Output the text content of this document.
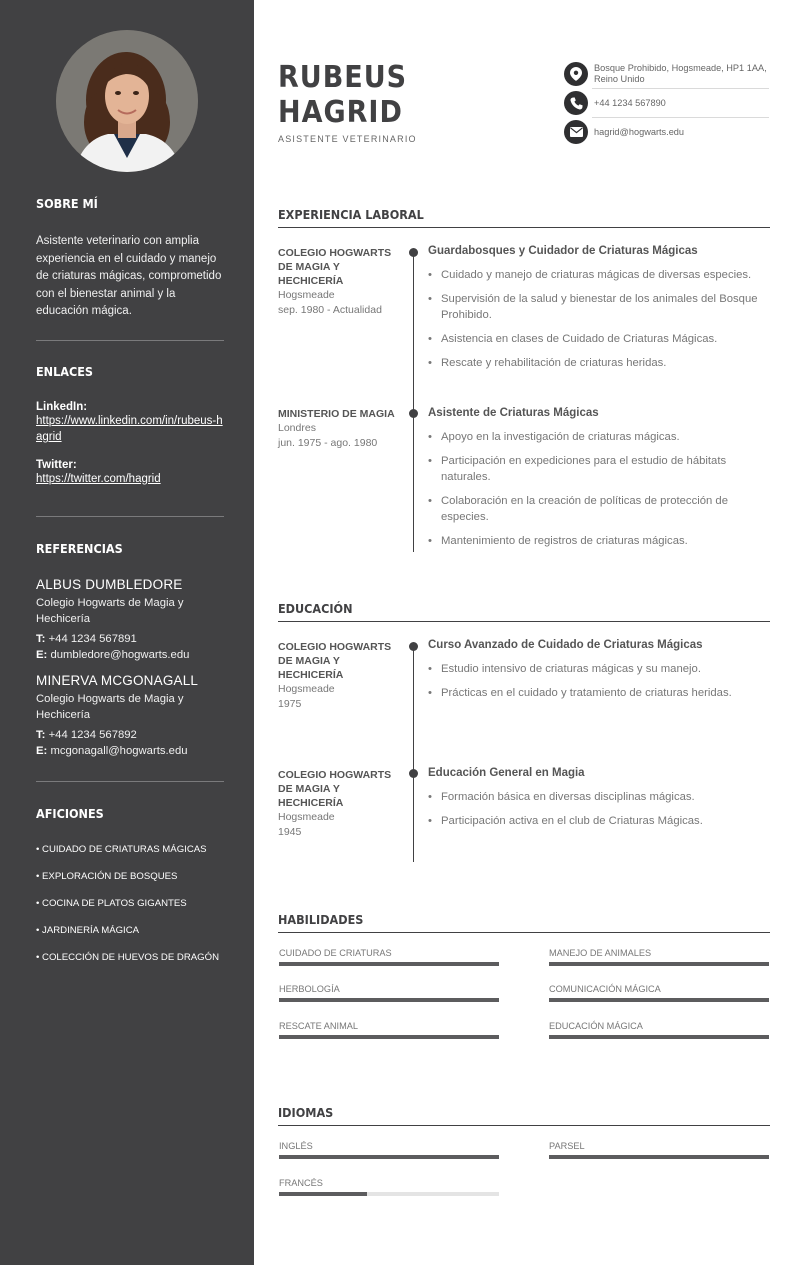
SOBRE MÍ
Asistente veterinario con amplia experiencia en el cuidado y manejo de criaturas mágicas, comprometido con el bienestar animal y la educación mágica.
ENLACES
LinkedIn:
https://www.linkedin.com/in/rubeus-hagrid
Twitter:
https://twitter.com/hagrid
REFERENCIAS
ALBUS DUMBLEDORE
Colegio Hogwarts de Magia y Hechicería
T: +44 1234 567891
E: dumbledore@hogwarts.edu
MINERVA MCGONAGALL
Colegio Hogwarts de Magia y Hechicería
T: +44 1234 567892
E: mcgonagall@hogwarts.edu
AFICIONES
• CUIDADO DE CRIATURAS MÁGICAS
• EXPLORACIÓN DE BOSQUES
• COCINA DE PLATOS GIGANTES
• JARDINERÍA MÁGICA
• COLECCIÓN DE HUEVOS DE DRAGÓN
RUBEUS
HAGRID
ASISTENTE VETERINARIO
Bosque Prohibido, Hogsmeade, HP1 1AA, Reino Unido
+44 1234 567890
hagrid@hogwarts.edu
EXPERIENCIA LABORAL
COLEGIO HOGWARTS DE MAGIA Y HECHICERÍA
Hogsmeade
sep. 1980 - Actualidad
Guardabosques y Cuidador de Criaturas Mágicas
• Cuidado y manejo de criaturas mágicas de diversas especies.
• Supervisión de la salud y bienestar de los animales del Bosque Prohibido.
• Asistencia en clases de Cuidado de Criaturas Mágicas.
• Rescate y rehabilitación de criaturas heridas.
MINISTERIO DE MAGIA
Londres
jun. 1975 - ago. 1980
Asistente de Criaturas Mágicas
• Apoyo en la investigación de criaturas mágicas.
• Participación en expediciones para el estudio de hábitats naturales.
• Colaboración en la creación de políticas de protección de especies.
• Mantenimiento de registros de criaturas mágicas.
EDUCACIÓN
COLEGIO HOGWARTS DE MAGIA Y HECHICERÍA
Hogsmeade
1975
Curso Avanzado de Cuidado de Criaturas Mágicas
• Estudio intensivo de criaturas mágicas y su manejo.
• Prácticas en el cuidado y tratamiento de criaturas heridas.
COLEGIO HOGWARTS DE MAGIA Y HECHICERÍA
Hogsmeade
1945
Educación General en Magia
• Formación básica en diversas disciplinas mágicas.
• Participación activa en el club de Criaturas Mágicas.
HABILIDADES
CUIDADO DE CRIATURAS	MANEJO DE ANIMALES
HERBOLOGÍA	COMUNICACIÓN MÁGICA
RESCATE ANIMAL	EDUCACIÓN MÁGICA
IDIOMAS
INGLÉS	PARSEL
FRANCÉS
